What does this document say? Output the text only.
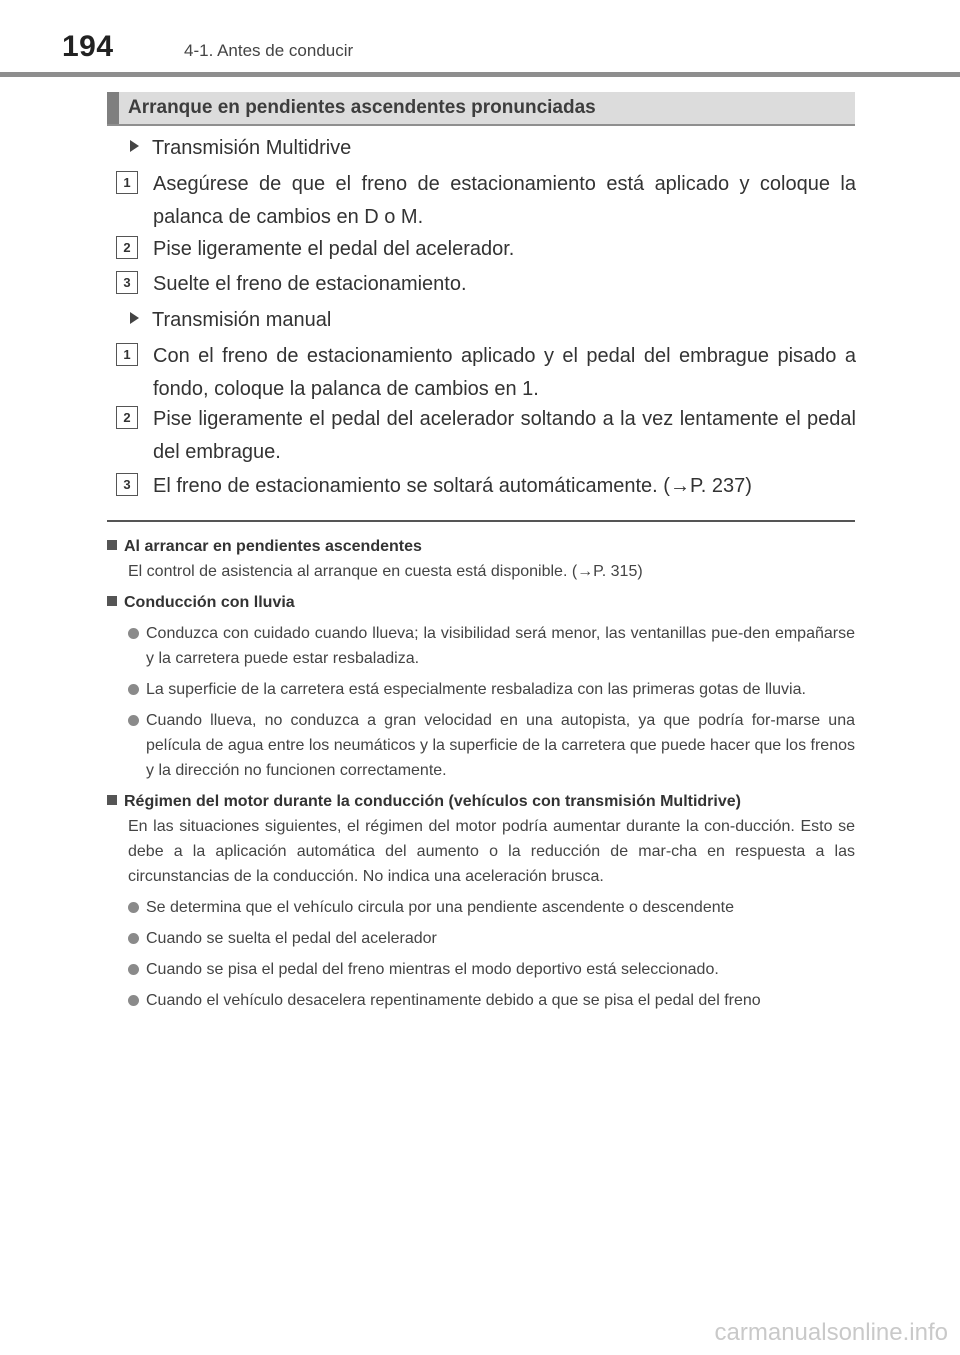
194	4-1. Antes de conducir
Arranque en pendientes ascendentes pronunciadas
Transmisión Multidrive
1	Asegúrese de que el freno de estacionamiento está aplicado y coloque la palanca de cambios en D o M.
2	Pise ligeramente el pedal del acelerador.
3	Suelte el freno de estacionamiento.
Transmisión manual
1	Con el freno de estacionamiento aplicado y el pedal del embrague pisado a fondo, coloque la palanca de cambios en 1.
2	Pise ligeramente el pedal del acelerador soltando a la vez lentamente el pedal del embrague.
3	El freno de estacionamiento se soltará automáticamente. (→P. 237)
Al arrancar en pendientes ascendentes
El control de asistencia al arranque en cuesta está disponible. (→P. 315)
Conducción con lluvia
Conduzca con cuidado cuando llueva; la visibilidad será menor, las ventanillas pue-den empañarse y la carretera puede estar resbaladiza.
La superficie de la carretera está especialmente resbaladiza con las primeras gotas de lluvia.
Cuando llueva, no conduzca a gran velocidad en una autopista, ya que podría for-marse una película de agua entre los neumáticos y la superficie de la carretera que puede hacer que los frenos y la dirección no funcionen correctamente.
Régimen del motor durante la conducción (vehículos con transmisión Multidrive)
En las situaciones siguientes, el régimen del motor podría aumentar durante la con-ducción. Esto se debe a la aplicación automática del aumento o la reducción de mar-cha en respuesta a las circunstancias de la conducción. No indica una aceleración brusca.
Se determina que el vehículo circula por una pendiente ascendente o descendente
Cuando se suelta el pedal del acelerador
Cuando se pisa el pedal del freno mientras el modo deportivo está seleccionado.
Cuando el vehículo desacelera repentinamente debido a que se pisa el pedal del freno
carmanualsonline.info
